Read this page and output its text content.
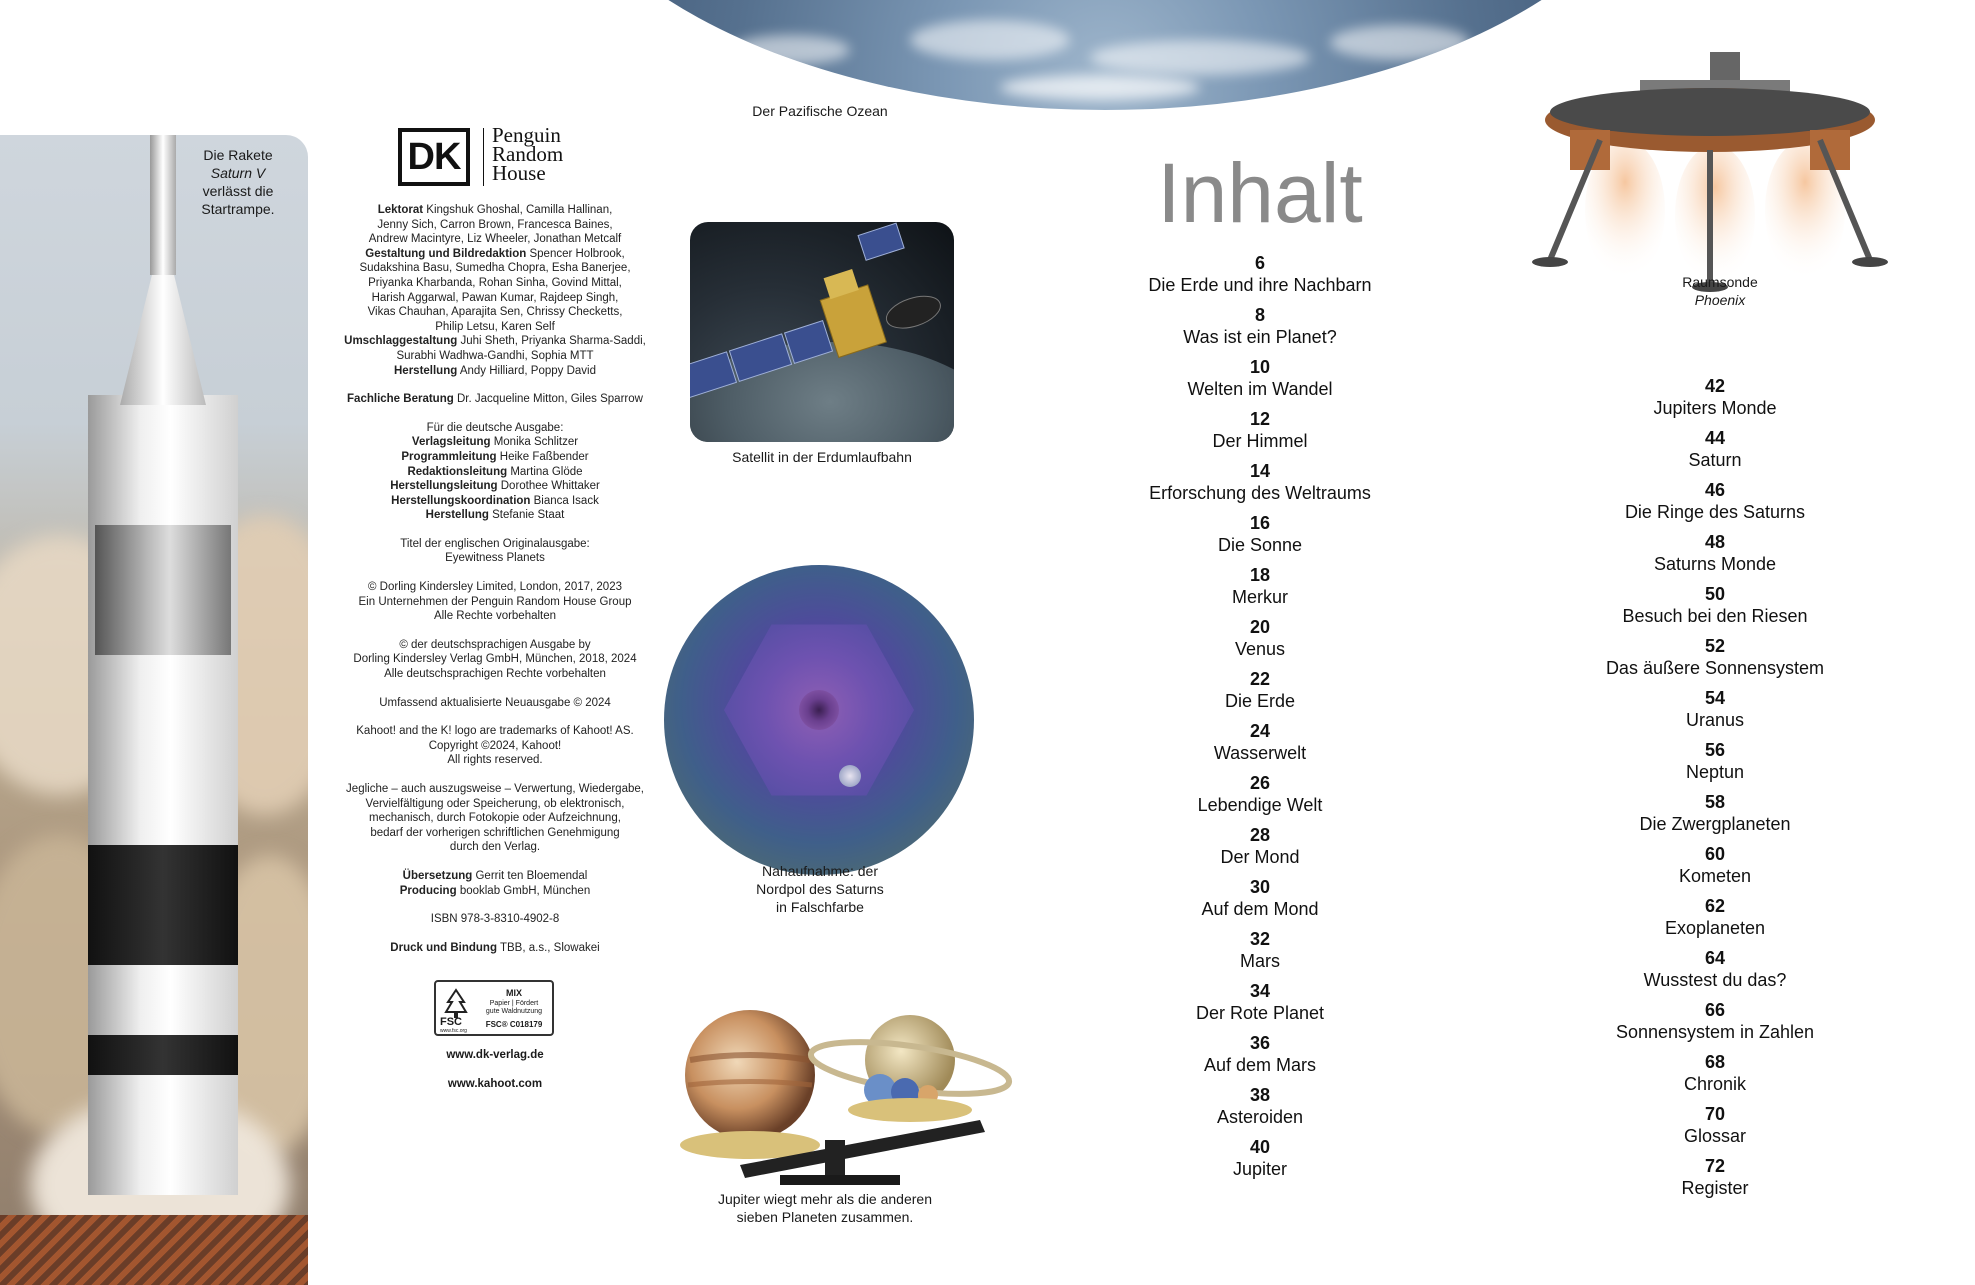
Der Pazifische Ozean
Die Rakete
Saturn V
verlässt die
Startrampe.
DK
Penguin
Random
House

Lektorat Kingshuk Ghoshal, Camilla Hallinan,
Jenny Sich, Carron Brown, Francesca Baines,
Andrew Macintyre, Liz Wheeler, Jonathan Metcalf
Gestaltung und Bildredaktion Spencer Holbrook,
Sudakshina Basu, Sumedha Chopra, Esha Banerjee,
Priyanka Kharbanda, Rohan Sinha, Govind Mittal,
Harish Aggarwal, Pawan Kumar, Rajdeep Singh,
Vikas Chauhan, Aparajita Sen, Chrissy Checketts,
Philip Letsu, Karen Self
Umschlaggestaltung Juhi Sheth, Priyanka Sharma-Saddi,
Surabhi Wadhwa-Gandhi, Sophia MTT
Herstellung Andy Hilliard, Poppy David

Fachliche Beratung Dr. Jacqueline Mitton, Giles Sparrow

Für die deutsche Ausgabe:
Verlagsleitung Monika Schlitzer
Programmleitung Heike Faßbender
Redaktionsleitung Martina Glöde
Herstellungsleitung Dorothee Whittaker
Herstellungskoordination Bianca Isack
Herstellung Stefanie Staat

Titel der englischen Originalausgabe:
Eyewitness Planets

© Dorling Kindersley Limited, London, 2017, 2023
Ein Unternehmen der Penguin Random House Group
Alle Rechte vorbehalten

© der deutschsprachigen Ausgabe by
Dorling Kindersley Verlag GmbH, München, 2018, 2024
Alle deutschsprachigen Rechte vorbehalten

Umfassend aktualisierte Neuausgabe © 2024

Kahoot! and the K! logo are trademarks of Kahoot! AS.
Copyright ©2024, Kahoot!
All rights reserved.

Jegliche – auch auszugsweise – Verwertung, Wiedergabe,
Vervielfältigung oder Speicherung, ob elektronisch,
mechanisch, durch Fotokopie oder Aufzeichnung,
bedarf der vorherigen schriftlichen Genehmigung
durch den Verlag.

Übersetzung Gerrit ten Bloemendal
Producing booklab GmbH, München

ISBN 978-3-8310-4902-8

Druck und Bindung TBB, a.s., Slowakei

FSC
www.fsc.org
MIX
Papier | Fördert
gute Waldnutzung
FSC® C018179
www.dk-verlag.de
www.kahoot.com
Satellit in der Erdumlaufbahn
Nahaufnahme: der
Nordpol des Saturns
in Falschfarbe
Jupiter wiegt mehr als die anderen
sieben Planeten zusammen.
Inhalt
6
Die Erde und ihre Nachbarn
8
Was ist ein Planet?
10
Welten im Wandel
12
Der Himmel
14
Erforschung des Weltraums
16
Die Sonne
18
Merkur
20
Venus
22
Die Erde
24
Wasserwelt
26
Lebendige Welt
28
Der Mond
30
Auf dem Mond
32
Mars
34
Der Rote Planet
36
Auf dem Mars
38
Asteroiden
40
Jupiter
Raumsonde
Phoenix
42
Jupiters Monde
44
Saturn
46
Die Ringe des Saturns
48
Saturns Monde
50
Besuch bei den Riesen
52
Das äußere Sonnensystem
54
Uranus
56
Neptun
58
Die Zwergplaneten
60
Kometen
62
Exoplaneten
64
Wusstest du das?
66
Sonnensystem in Zahlen
68
Chronik
70
Glossar
72
Register
